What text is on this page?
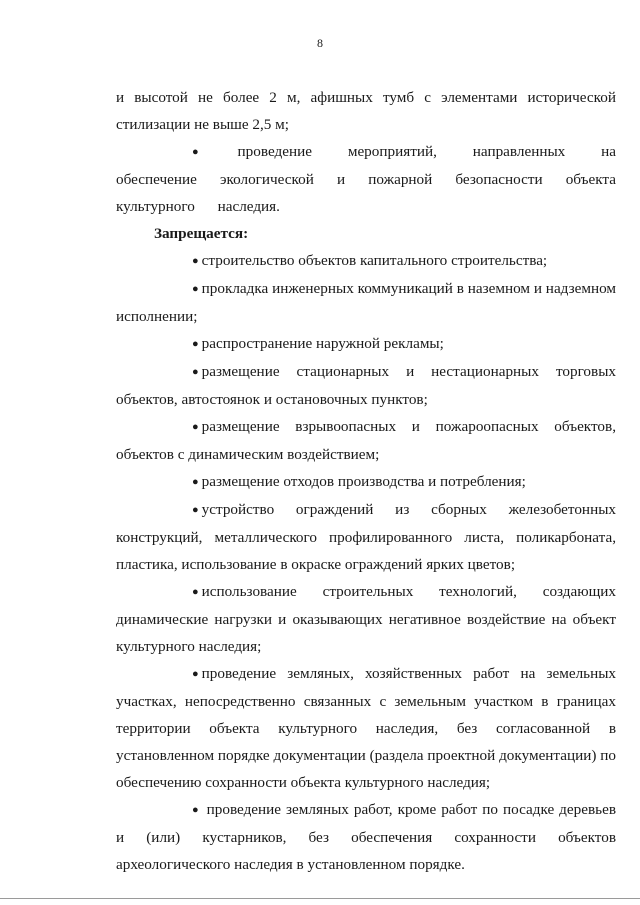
8

и высотой не более 2 м, афишных тумб с элементами исторической стилизации не выше 2,5 м;

●	проведение мероприятий, направленных на обеспечение экологической и пожарной безопасности объекта культурного наследия.

Запрещается:

● строительство объектов капитального строительства;

● прокладка инженерных коммуникаций в наземном и надземном исполнении;

● распространение наружной рекламы;

● размещение стационарных и нестационарных торговых объектов, автостоянок и остановочных пунктов;

● размещение взрывоопасных и пожароопасных объектов, объектов с динамическим воздействием;

● размещение отходов производства и потребления;

● устройство ограждений из сборных железобетонных конструкций, металлического профилированного листа, поликарбоната, пластика, использование в окраске ограждений ярких цветов;

● использование строительных технологий, создающих динамические нагрузки и оказывающих негативное воздействие на объект культурного наследия;

● проведение земляных, хозяйственных работ на земельных участках, непосредственно связанных с земельным участком в границах территории объекта культурного наследия, без согласованной в установленном порядке документации (раздела проектной документации) по обеспечению сохранности объекта культурного наследия;

● проведение земляных работ, кроме работ по посадке деревьев и (или) кустарников, без обеспечения сохранности объектов археологического наследия в установленном порядке.
